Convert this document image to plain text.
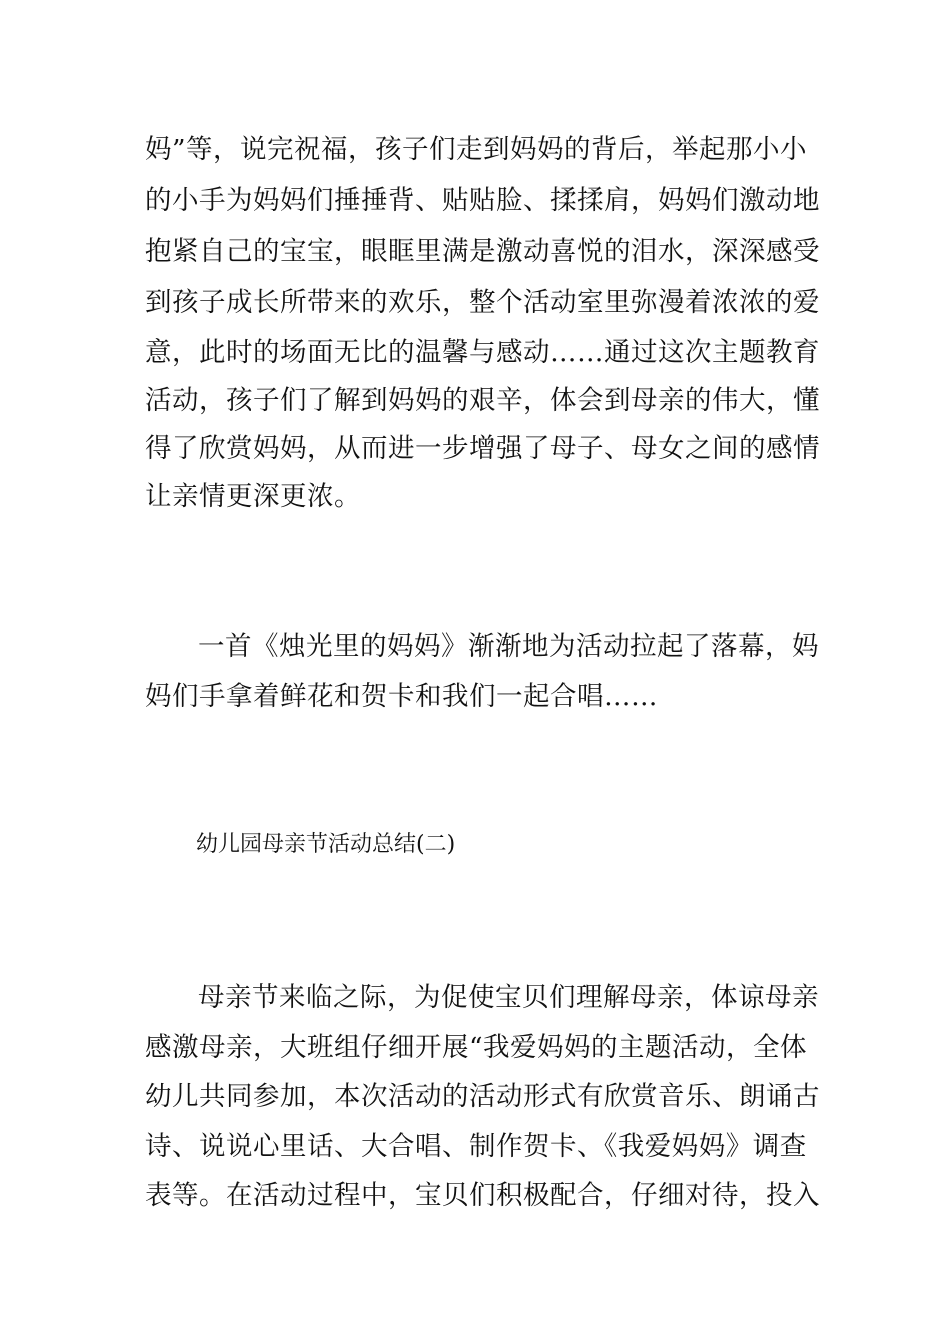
妈”等，说完祝福，孩子们走到妈妈的背后，举起那小小
的小手为妈妈们捶捶背、贴贴脸、揉揉肩，妈妈们激动地
抱紧自己的宝宝，眼眶里满是激动喜悦的泪水，深深感受
到孩子成长所带来的欢乐，整个活动室里弥漫着浓浓的爱
意，此时的场面无比的温馨与感动……通过这次主题教育
活动，孩子们了解到妈妈的艰辛，体会到母亲的伟大，懂
得了欣赏妈妈，从而进一步增强了母子、母女之间的感情
让亲情更深更浓。
一首《烛光里的妈妈》渐渐地为活动拉起了落幕，妈
妈们手拿着鲜花和贺卡和我们一起合唱……
幼儿园母亲节活动总结(二)
母亲节来临之际，为促使宝贝们理解母亲，体谅母亲
感激母亲，大班组仔细开展“我爱妈妈的主题活动，全体
幼儿共同参加，本次活动的活动形式有欣赏音乐、朗诵古
诗、说说心里话、大合唱、制作贺卡、《我爱妈妈》调查
表等。在活动过程中，宝贝们积极配合，仔细对待，投入
